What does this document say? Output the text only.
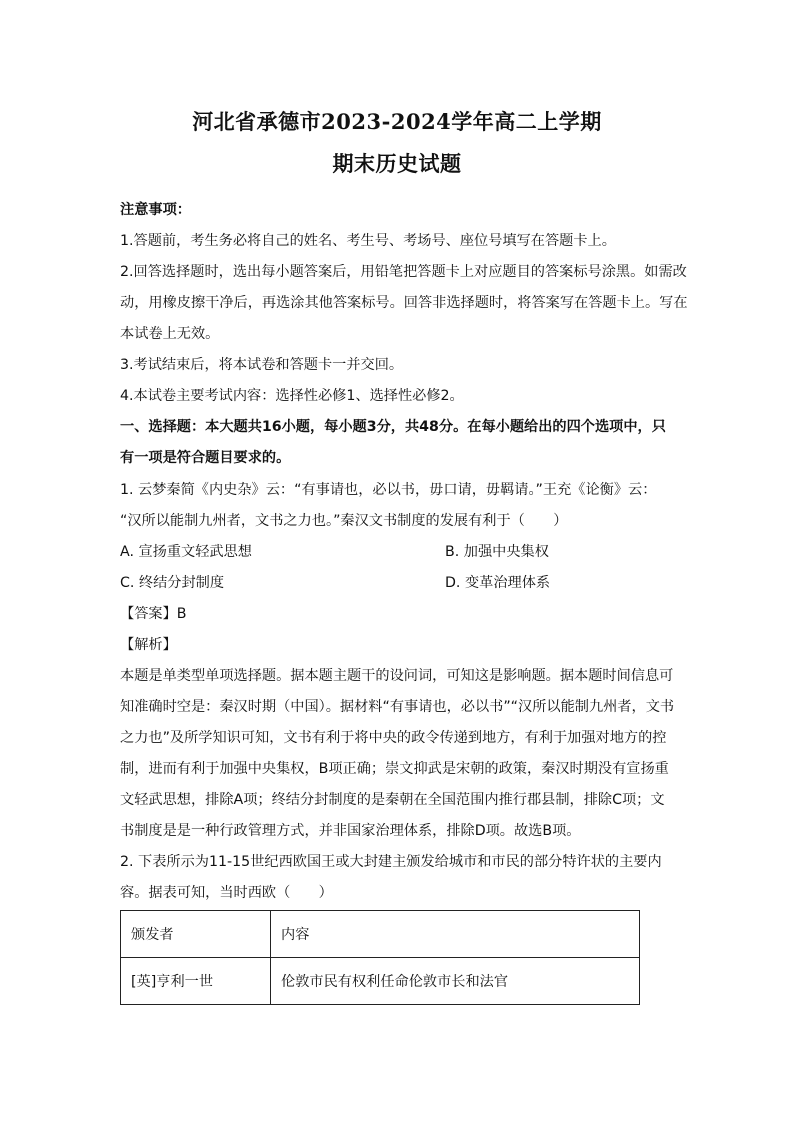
河北省承德市2023-2024学年高二上学期
期末历史试题
注意事项：
1.答题前，考生务必将自己的姓名、考生号、考场号、座位号填写在答题卡上。
2.回答选择题时，选出每小题答案后，用铅笔把答题卡上对应题目的答案标号涂黑。如需改
动，用橡皮擦干净后，再选涂其他答案标号。回答非选择题时，将答案写在答题卡上。写在
本试卷上无效。
3.考试结束后，将本试卷和答题卡一并交回。
4.本试卷主要考试内容：选择性必修1、选择性必修2。
一、选择题：本大题共16小题，每小题3分，共48分。在每小题给出的四个选项中，只
有一项是符合题目要求的。
1. 云梦秦简《内史杂》云：“有事请也，必以书，毋口请，毋羁请。”王充《论衡》云：
“汉所以能制九州者，文书之力也。”秦汉文书制度的发展有利于（　　）
A. 宣扬重文轻武思想	B. 加强中央集权
C. 终结分封制度	D. 变革治理体系
【答案】B
【解析】
本题是单类型单项选择题。据本题主题干的设问词，可知这是影响题。据本题时间信息可
知准确时空是：秦汉时期（中国）。据材料“有事请也，必以书”“汉所以能制九州者，文书
之力也”及所学知识可知，文书有利于将中央的政令传递到地方，有利于加强对地方的控
制，进而有利于加强中央集权，B项正确；崇文抑武是宋朝的政策，秦汉时期没有宣扬重
文轻武思想，排除A项；终结分封制度的是秦朝在全国范围内推行郡县制，排除C项；文
书制度是是一种行政管理方式，并非国家治理体系，排除D项。故选B项。
2. 下表所示为11-15世纪西欧国王或大封建主颁发给城市和市民的部分特许状的主要内
容。据表可知，当时西欧（　　）
颁发者	内容
[英]亨利一世	伦敦市民有权利任命伦敦市长和法官
